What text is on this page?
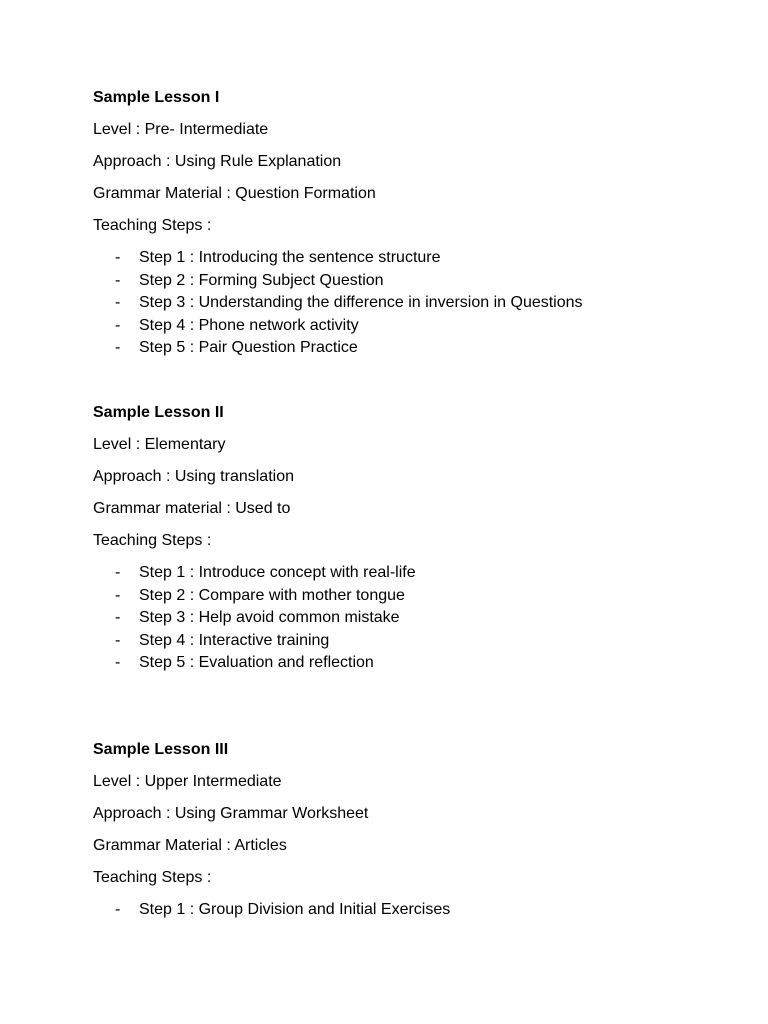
Sample Lesson I
Level : Pre- Intermediate
Approach : Using Rule Explanation
Grammar Material : Question Formation
Teaching Steps :
- Step 1 : Introducing the sentence structure
- Step 2 : Forming Subject Question
- Step 3 : Understanding the difference in inversion in Questions
- Step 4 : Phone network activity
- Step 5 : Pair Question Practice
Sample Lesson II
Level : Elementary
Approach : Using translation
Grammar material : Used to
Teaching Steps :
- Step 1 : Introduce concept with real-life
- Step 2 : Compare with mother tongue
- Step 3 : Help avoid common mistake
- Step 4 : Interactive training
- Step 5 : Evaluation and reflection
Sample Lesson III
Level : Upper Intermediate
Approach : Using Grammar Worksheet
Grammar Material : Articles
Teaching Steps :
- Step 1 : Group Division and Initial Exercises
